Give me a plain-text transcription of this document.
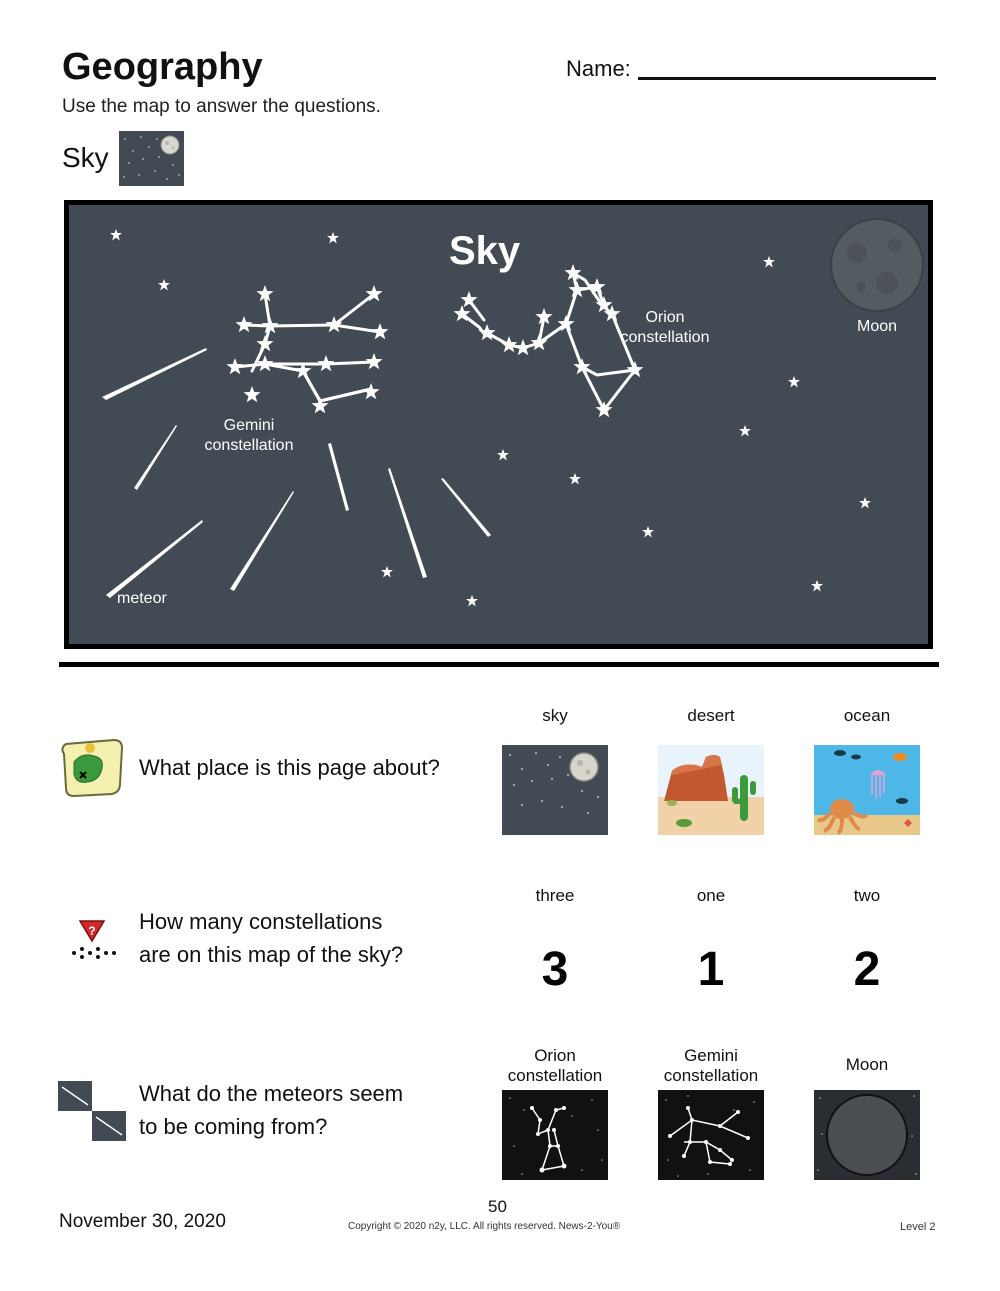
Geography	Name:
Use the map to answer the questions.
Sky
Sky
Gemini
constellation
Orion
constellation
Moon
meteor
What place is this page about?
sky	desert	ocean
? How many constellations
are on this map of the sky?
three	one	two
3	1	2
What do the meteors seem
to be coming from?
Orion
constellation
Gemini
constellation
Moon
November 30, 2020
50
Copyright © 2020 n2y, LLC. All rights reserved. News-2-You®	Level 2
